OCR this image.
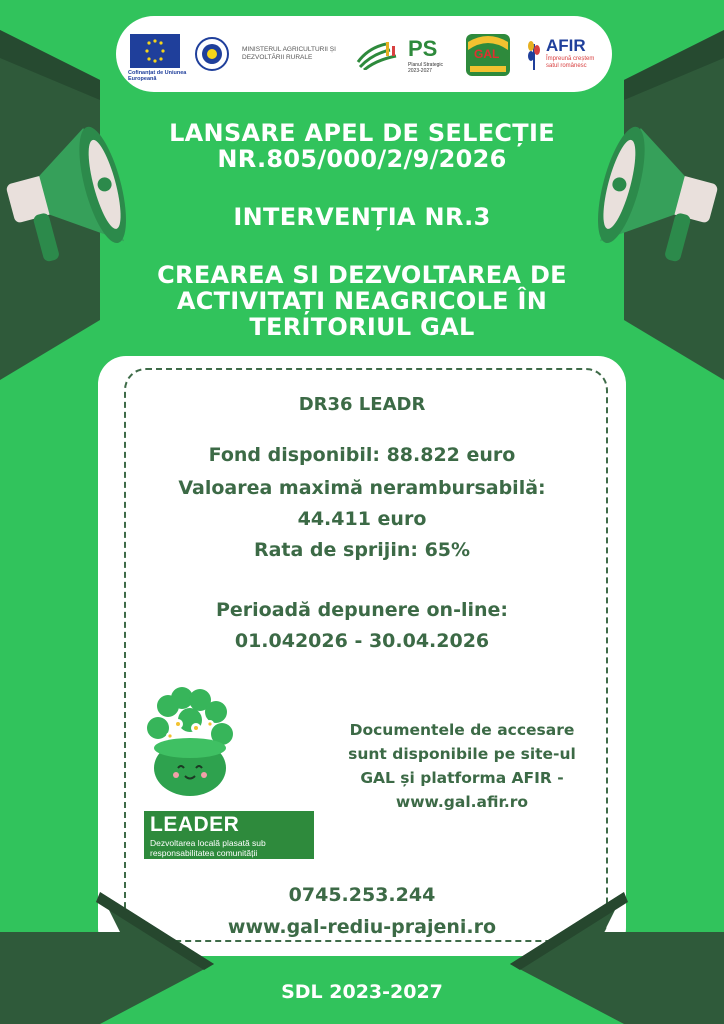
Cofinanțat de Uniunea Europeană
MINISTERUL AGRICULTURII ȘI DEZVOLTĂRII RURALE	PS
Planul Strategic 2023-2027
GAL	AFIR
Împreună creștem satul românesc
LANSARE APEL DE SELECȚIE
NR.805/000/2/9/2026
INTERVENȚIA NR.3
CREAREA SI DEZVOLTAREA DE
ACTIVITAȚI NEAGRICOLE ÎN
TERITORIUL GAL
DR36 LEADR
Fond disponibil: 88.822 euro
Valoarea maximă nerambursabilă:
44.411 euro
Rata de sprijin: 65%
Perioadă depunere on-line:
01.042026 - 30.04.2026
LEADER
Dezvoltarea locală plasată sub responsabilitatea comunității
Documentele de accesare
sunt disponibile pe site-ul
GAL și platforma AFIR -
www.gal.afir.ro
0745.253.244
www.gal-rediu-prajeni.ro
SDL 2023-2027
